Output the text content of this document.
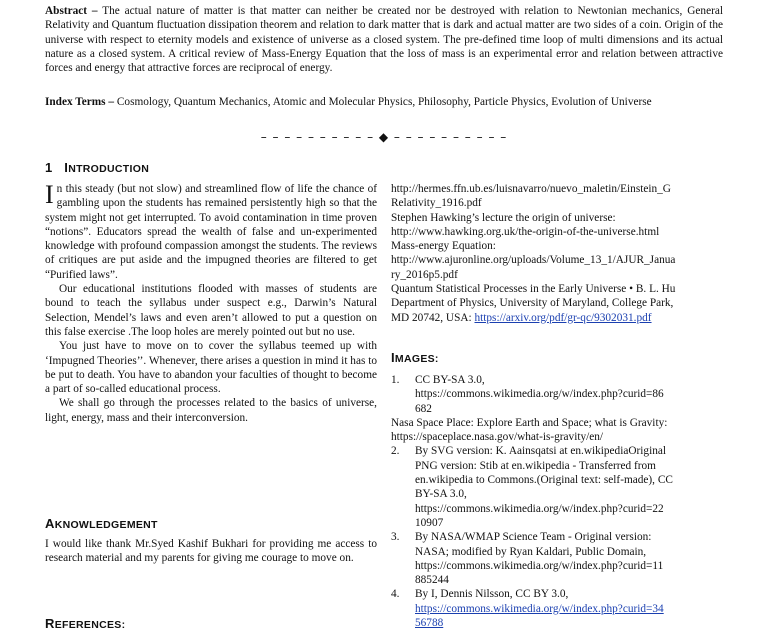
Abstract – The actual nature of matter is that matter can neither be created nor be destroyed with relation to Newtonian mechanics, General Relativity and Quantum fluctuation dissipation theorem and relation to dark matter that is dark and actual matter are two sides of a coin. Origin of the universe with respect to eternity models and existence of universe as a closed system. The pre-defined time loop of multi dimensions and its actual nature as a closed system. A critical review of Mass-Energy Equation that the loss of mass is an experimental error and relation between attractive forces and energy that attractive forces are reciprocal of energy.
Index Terms – Cosmology, Quantum Mechanics, Atomic and Molecular Physics, Philosophy, Particle Physics, Evolution of Universe
– – – – – – – – – – ◆ – – – – – – – – – –
1 INTRODUCTION

In this steady (but not slow) and streamlined flow of life the chance of gambling upon the students has remained persistently high so that the system might not get interrupted. To avoid contamination in time proven “notions”. Educators spread the wealth of false and un-experimented knowledge with profound compassion amongst the students. The reviews of critiques are put aside and the impugned theories are filtered to get “Purified laws”.

Our educational institutions flooded with masses of students are bound to teach the syllabus under suspect e.g., Darwin’s Natural Selection, Mendel’s laws and even aren’t allowed to put a question on this false exercise .The loop holes are merely pointed out but no use.

You just have to move on to cover the syllabus teemed up with ‘Impugned Theories’’. Whenever, there arises a question in mind it has to be put to death. You have to abandon your faculties of thought to become a part of so-called educational process.

We shall go through the processes related to the basics of universe, light, energy, mass and their interconversion.

AKNOWLEDGEMENT
I would like thank Mr.Syed Kashif Bukhari for providing me access to research material and my parents for giving me courage to move on.
REFERENCES:
http://hermes.ffn.ub.es/luisnavarro/nuevo_maletin/Einstein_G
Relativity_1916.pdf
Stephen Hawking’s lecture the origin of universe:
http://www.hawking.org.uk/the-origin-of-the-universe.html
Mass-energy Equation:
http://www.ajuronline.org/uploads/Volume_13_1/AJUR_Janua
ry_2016p5.pdf
Quantum Statistical Processes in the Early Universe • B. L. Hu
Department of Physics, University of Maryland, College Park,
MD 20742, USA: https://arxiv.org/pdf/gr-qc/9302031.pdf
IMAGES:
1. CC BY-SA 3.0,
https://commons.wikimedia.org/w/index.php?curid=86
682
Nasa Space Place: Explore Earth and Space; what is Gravity:
https://spaceplace.nasa.gov/what-is-gravity/en/
2. By SVG version: K. Aainsqatsi at en.wikipediaOriginal
PNG version: Stib at en.wikipedia - Transferred from
en.wikipedia to Commons.(Original text: self-made), CC
BY-SA 3.0,
https://commons.wikimedia.org/w/index.php?curid=22
10907
3. By NASA/WMAP Science Team - Original version:
NASA; modified by Ryan Kaldari, Public Domain,
https://commons.wikimedia.org/w/index.php?curid=11
885244
4. By I, Dennis Nilsson, CC BY 3.0,
https://commons.wikimedia.org/w/index.php?curid=34
56788
